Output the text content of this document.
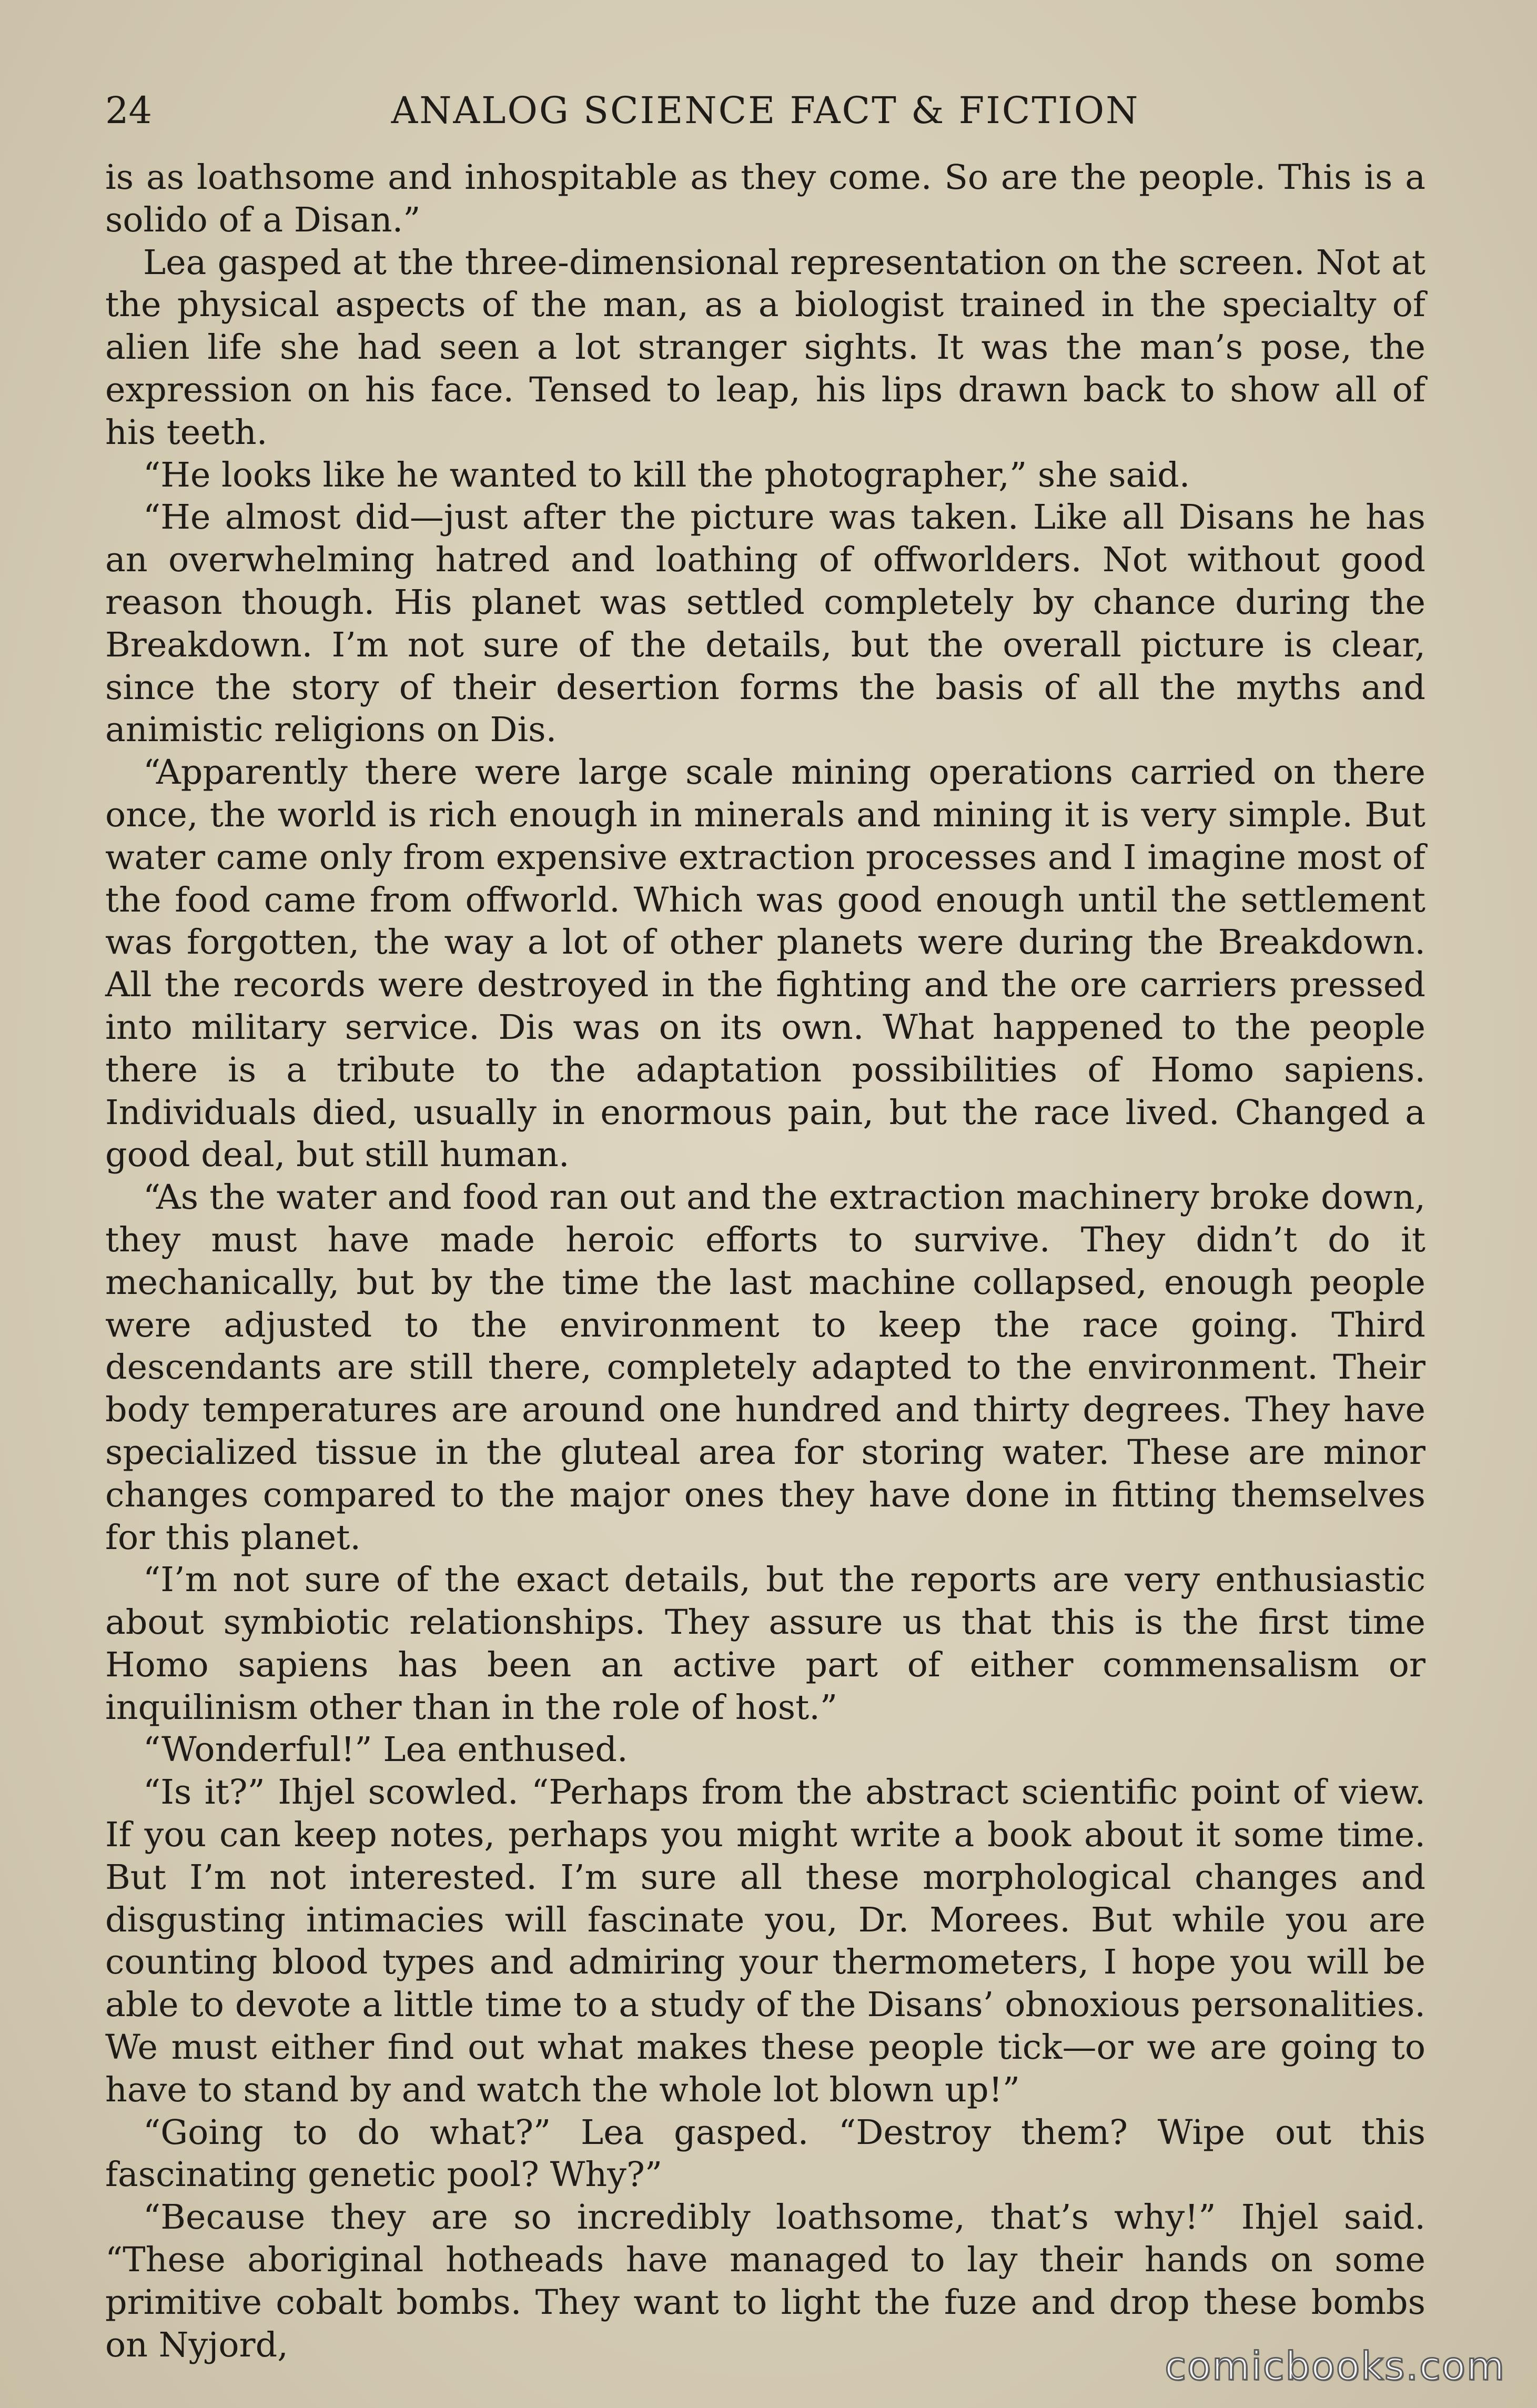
24	ANALOG SCIENCE FACT & FICTION

is as loathsome and inhospitable as they come. So are the people. This is a solido of a Disan.”

Lea gasped at the three-dimensional representation on the screen. Not at the physical aspects of the man, as a biologist trained in the specialty of alien life she had seen a lot stranger sights. It was the man’s pose, the expression on his face. Tensed to leap, his lips drawn back to show all of his teeth.

“He looks like he wanted to kill the photographer,” she said.

“He almost did—just after the picture was taken. Like all Disans he has an overwhelming hatred and loathing of offworlders. Not without good reason though. His planet was settled completely by chance during the Breakdown. I’m not sure of the details, but the overall picture is clear, since the story of their desertion forms the basis of all the myths and animistic religions on Dis.

“Apparently there were large scale mining operations carried on there once, the world is rich enough in minerals and mining it is very simple. But water came only from expensive extraction processes and I imagine most of the food came from offworld. Which was good enough until the settlement was forgotten, the way a lot of other planets were during the Breakdown. All the records were destroyed in the fighting and the ore carriers pressed into military service. Dis was on its own. What happened to the people there is a tribute to the adaptation possibilities of Homo sapiens. Individuals died, usually in enormous pain, but the race lived. Changed a good deal, but still human.

“As the water and food ran out and the extraction machinery broke down, they must have made heroic efforts to survive. They didn’t do it mechanically, but by the time the last machine collapsed, enough people were adjusted to the environment to keep the race going. Third descendants are still there, completely adapted to the environment. Their body temperatures are around one hundred and thirty degrees. They have specialized tissue in the gluteal area for storing water. These are minor changes compared to the major ones they have done in fitting themselves for this planet.

“I’m not sure of the exact details, but the reports are very enthusiastic about symbiotic relationships. They assure us that this is the first time Homo sapiens has been an active part of either commensalism or inquilinism other than in the role of host.”

“Wonderful!” Lea enthused.

“Is it?” Ihjel scowled. “Perhaps from the abstract scientific point of view. If you can keep notes, perhaps you might write a book about it some time. But I’m not interested. I’m sure all these morphological changes and disgusting intimacies will fascinate you, Dr. Morees. But while you are counting blood types and admiring your thermometers, I hope you will be able to devote a little time to a study of the Disans’ obnoxious personalities. We must either find out what makes these people tick—or we are going to have to stand by and watch the whole lot blown up!”

“Going to do what?” Lea gasped. “Destroy them? Wipe out this fascinating genetic pool? Why?”

“Because they are so incredibly loathsome, that’s why!” Ihjel said. “These aboriginal hotheads have managed to lay their hands on some primitive cobalt bombs. They want to light the fuze and drop these bombs on Nyjord,	comicbooks.com
